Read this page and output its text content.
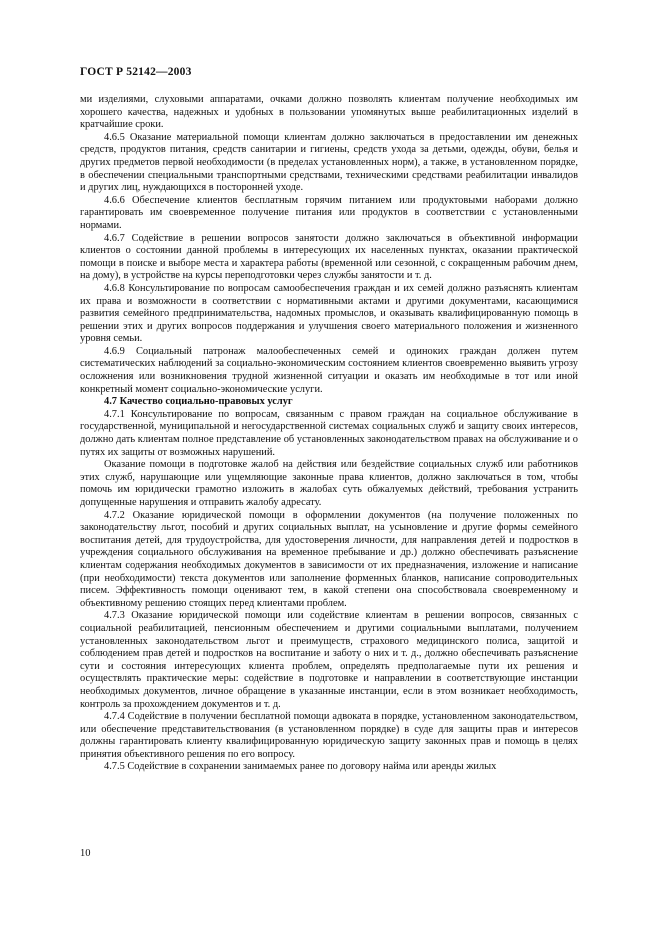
ГОСТ Р 52142—2003

ми изделиями, слуховыми аппаратами, очками должно позволять клиентам получение необходимых им хорошего качества, надежных и удобных в пользовании упомянутых выше реабилитационных изделий в кратчайшие сроки.

4.6.5 Оказание материальной помощи клиентам должно заключаться в предоставлении им денежных средств, продуктов питания, средств санитарии и гигиены, средств ухода за детьми, одежды, обуви, белья и других предметов первой необходимости (в пределах установленных норм), а также, в установленном порядке, в обеспечении специальными транспортными средствами, техническими средствами реабилитации инвалидов и других лиц, нуждающихся в посторонней уходе.

4.6.6 Обеспечение клиентов бесплатным горячим питанием или продуктовыми наборами должно гарантировать им своевременное получение питания или продуктов в соответствии с установленными нормами.

4.6.7 Содействие в решении вопросов занятости должно заключаться в объективной информации клиентов о состоянии данной проблемы в интересующих их населенных пунктах, оказании практической помощи в поиске и выборе места и характера работы (временной или сезонной, с сокращенным рабочим днем, на дому), в устройстве на курсы переподготовки через службы занятости и т. д.

4.6.8 Консультирование по вопросам самообеспечения граждан и их семей должно разъяснять клиентам их права и возможности в соответствии с нормативными актами и другими документами, касающимися развития семейного предпринимательства, надомных промыслов, и оказывать квалифицированную помощь в решении этих и других вопросов поддержания и улучшения своего материального положения и жизненного уровня семьи.

4.6.9 Социальный патронаж малообеспеченных семей и одиноких граждан должен путем систематических наблюдений за социально-экономическим состоянием клиентов своевременно выявить угрозу осложнения или возникновения трудной жизненной ситуации и оказать им необходимые в тот или иной конкретный момент социально-экономические услуги.

4.7 Качество социально-правовых услуг

4.7.1 Консультирование по вопросам, связанным с правом граждан на социальное обслуживание в государственной, муниципальной и негосударственной системах социальных служб и защиту своих интересов, должно дать клиентам полное представление об установленных законодательством правах на обслуживание и о путях их защиты от возможных нарушений.

Оказание помощи в подготовке жалоб на действия или бездействие социальных служб или работников этих служб, нарушающие или ущемляющие законные права клиентов, должно заключаться в том, чтобы помочь им юридически грамотно изложить в жалобах суть обжалуемых действий, требования устранить допущенные нарушения и отправить жалобу адресату.

4.7.2 Оказание юридической помощи в оформлении документов (на получение положенных по законодательству льгот, пособий и других социальных выплат, на усыновление и другие формы семейного воспитания детей, для трудоустройства, для удостоверения личности, для направления детей и подростков в учреждения социального обслуживания на временное пребывание и др.) должно обеспечивать разъяснение клиентам содержания необходимых документов в зависимости от их предназначения, изложение и написание (при необходимости) текста документов или заполнение форменных бланков, написание сопроводительных писем. Эффективность помощи оценивают тем, в какой степени она способствовала своевременному и объективному решению стоящих перед клиентами проблем.

4.7.3 Оказание юридической помощи или содействие клиентам в решении вопросов, связанных с социальной реабилитацией, пенсионным обеспечением и другими социальными выплатами, получением установленных законодательством льгот и преимуществ, страхового медицинского полиса, защитой и соблюдением прав детей и подростков на воспитание и заботу о них и т. д., должно обеспечивать разъяснение сути и состояния интересующих клиента проблем, определять предполагаемые пути их решения и осуществлять практические меры: содействие в подготовке и направлении в соответствующие инстанции необходимых документов, личное обращение в указанные инстанции, если в этом возникает необходимость, контроль за прохождением документов и т. д.

4.7.4 Содействие в получении бесплатной помощи адвоката в порядке, установленном законодательством, или обеспечение представительствования (в установленном порядке) в суде для защиты прав и интересов должны гарантировать клиенту квалифицированную юридическую защиту законных прав и помощь в целях принятия объективного решения по его вопросу.

4.7.5 Содействие в сохранении занимаемых ранее по договору найма или аренды жилых

10
